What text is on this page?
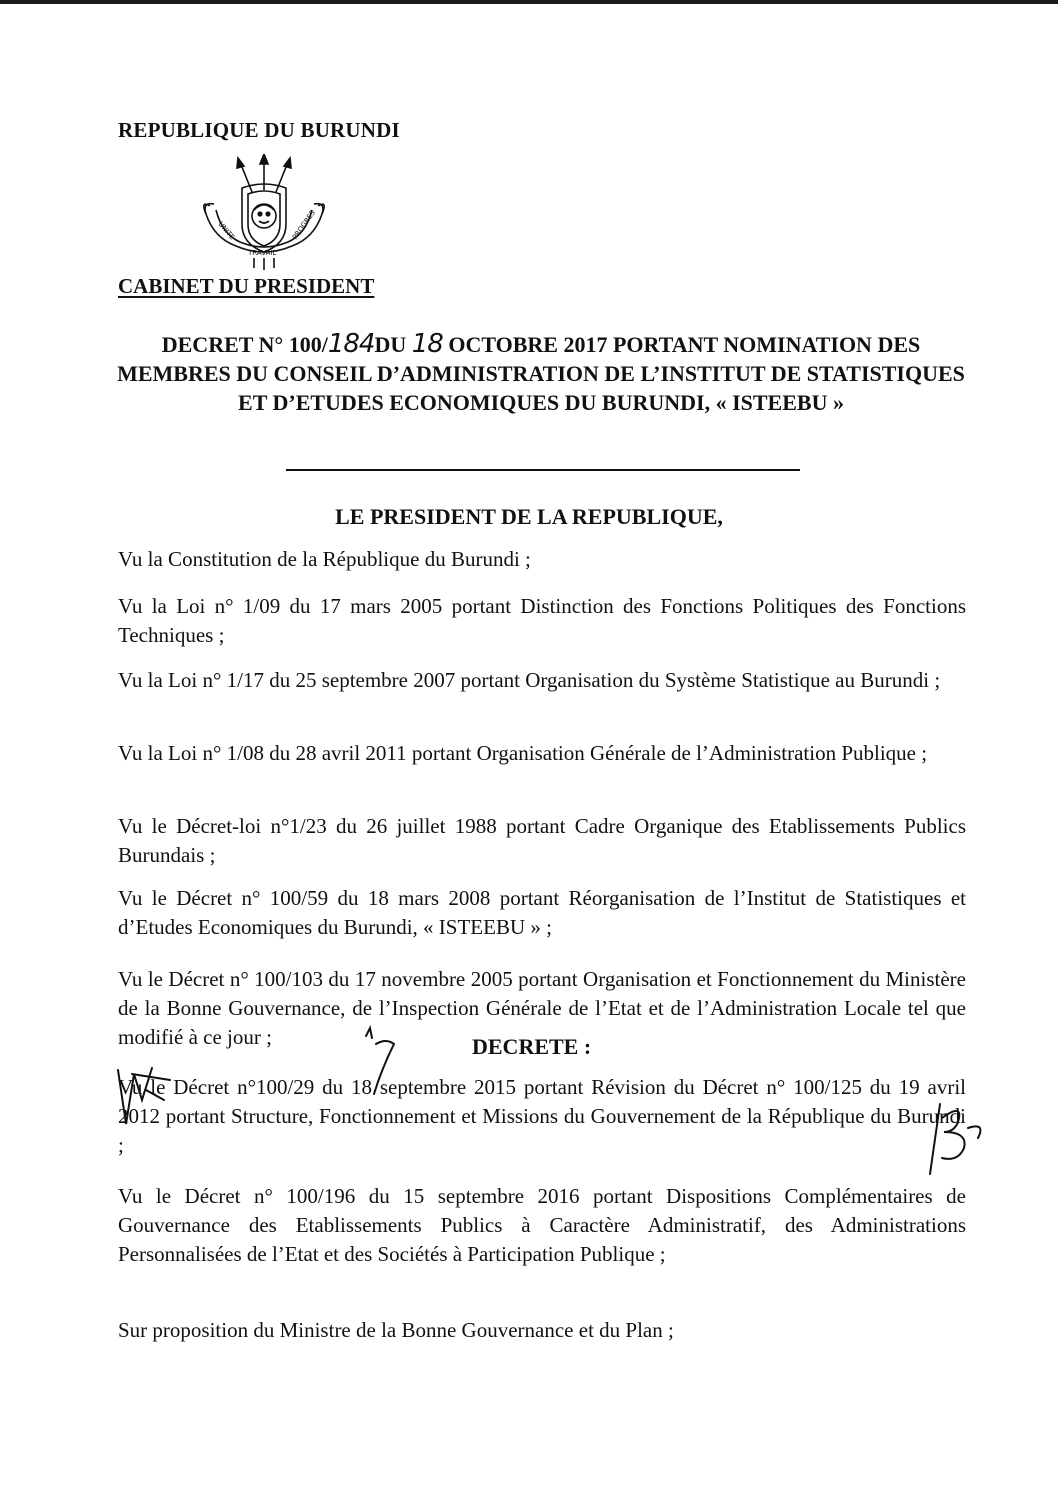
REPUBLIQUE DU BURUNDI
UNITE
TRAVAIL
PROGRES
CABINET DU PRESIDENT
DECRET N° 100/184DU 18 OCTOBRE 2017 PORTANT NOMINATION DES MEMBRES DU CONSEIL D’ADMINISTRATION DE L’INSTITUT DE STATISTIQUES ET D’ETUDES ECONOMIQUES DU BURUNDI, « ISTEEBU »
LE PRESIDENT DE LA REPUBLIQUE,

Vu la Constitution de la République du Burundi ;

Vu la Loi n° 1/09 du 17 mars 2005 portant Distinction des Fonctions Politiques des Fonctions Techniques ;

Vu la Loi n° 1/17 du 25 septembre 2007 portant Organisation du Système Statistique au Burundi ;

Vu la Loi n° 1/08 du 28 avril 2011 portant Organisation Générale de l’Administration Publique ;

Vu le Décret-loi n°1/23 du 26 juillet 1988 portant Cadre Organique des Etablissements Publics Burundais ;

Vu le Décret n° 100/59 du 18 mars 2008 portant Réorganisation de l’Institut de Statistiques et d’Etudes Economiques du Burundi, « ISTEEBU » ;

Vu le Décret n° 100/103 du 17 novembre 2005 portant Organisation et Fonctionnement du Ministère de la Bonne Gouvernance, de l’Inspection Générale de l’Etat et de l’Administration Locale tel que modifié à ce jour ;

Vu le Décret n°100/29 du 18 septembre 2015 portant Révision du Décret n° 100/125 du 19 avril 2012 portant Structure, Fonctionnement et Missions du Gouvernement de la République du Burundi ;

Vu le Décret n° 100/196 du 15 septembre 2016 portant Dispositions Complémentaires de Gouvernance des Etablissements Publics à Caractère Administratif, des Administrations Personnalisées de l’Etat et des Sociétés à Participation Publique ;

Sur proposition du Ministre de la Bonne Gouvernance et du Plan ;

DECRETE :
